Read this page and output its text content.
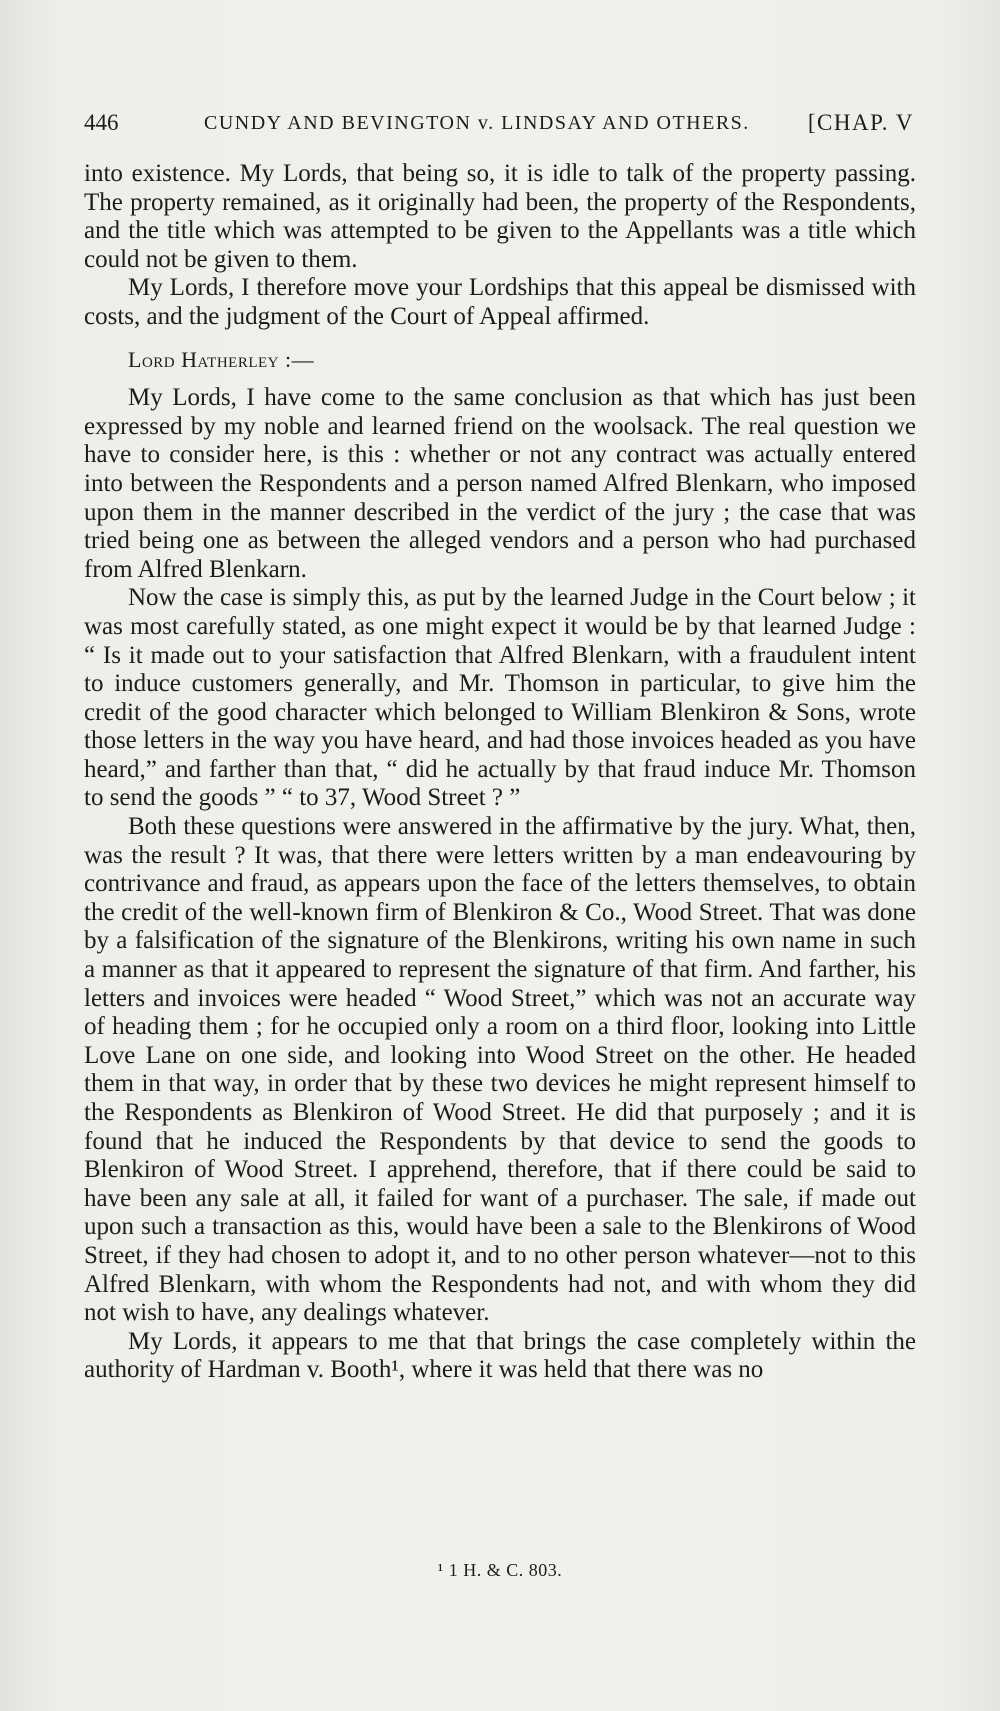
446	CUNDY AND BEVINGTON v. LINDSAY AND OTHERS.	[CHAP. V

into existence. My Lords, that being so, it is idle to talk of the property passing. The property remained, as it originally had been, the property of the Respondents, and the title which was attempted to be given to the Appellants was a title which could not be given to them.

My Lords, I therefore move your Lordships that this appeal be dismissed with costs, and the judgment of the Court of Appeal affirmed.

Lord Hatherley :—

My Lords, I have come to the same conclusion as that which has just been expressed by my noble and learned friend on the woolsack. The real question we have to consider here, is this : whether or not any contract was actually entered into between the Respondents and a person named Alfred Blenkarn, who imposed upon them in the manner described in the verdict of the jury ; the case that was tried being one as between the alleged vendors and a person who had purchased from Alfred Blenkarn.

Now the case is simply this, as put by the learned Judge in the Court below ; it was most carefully stated, as one might expect it would be by that learned Judge : “ Is it made out to your satisfaction that Alfred Blenkarn, with a fraudulent intent to induce customers generally, and Mr. Thomson in particular, to give him the credit of the good character which belonged to William Blenkiron & Sons, wrote those letters in the way you have heard, and had those invoices headed as you have heard,” and farther than that, “ did he actually by that fraud induce Mr. Thomson to send the goods ” “ to 37, Wood Street ? ”

Both these questions were answered in the affirmative by the jury. What, then, was the result ? It was, that there were letters written by a man endeavouring by contrivance and fraud, as appears upon the face of the letters themselves, to obtain the credit of the well-known firm of Blenkiron & Co., Wood Street. That was done by a falsification of the signature of the Blenkirons, writing his own name in such a manner as that it appeared to represent the signature of that firm. And farther, his letters and invoices were headed “ Wood Street,” which was not an accurate way of heading them ; for he occupied only a room on a third floor, looking into Little Love Lane on one side, and looking into Wood Street on the other. He headed them in that way, in order that by these two devices he might represent himself to the Respondents as Blenkiron of Wood Street. He did that purposely ; and it is found that he induced the Respondents by that device to send the goods to Blenkiron of Wood Street. I apprehend, therefore, that if there could be said to have been any sale at all, it failed for want of a purchaser. The sale, if made out upon such a transaction as this, would have been a sale to the Blenkirons of Wood Street, if they had chosen to adopt it, and to no other person whatever—not to this Alfred Blenkarn, with whom the Respondents had not, and with whom they did not wish to have, any dealings whatever.

My Lords, it appears to me that that brings the case completely within the authority of Hardman v. Booth¹, where it was held that there was no

¹ 1 H. & C. 803.
